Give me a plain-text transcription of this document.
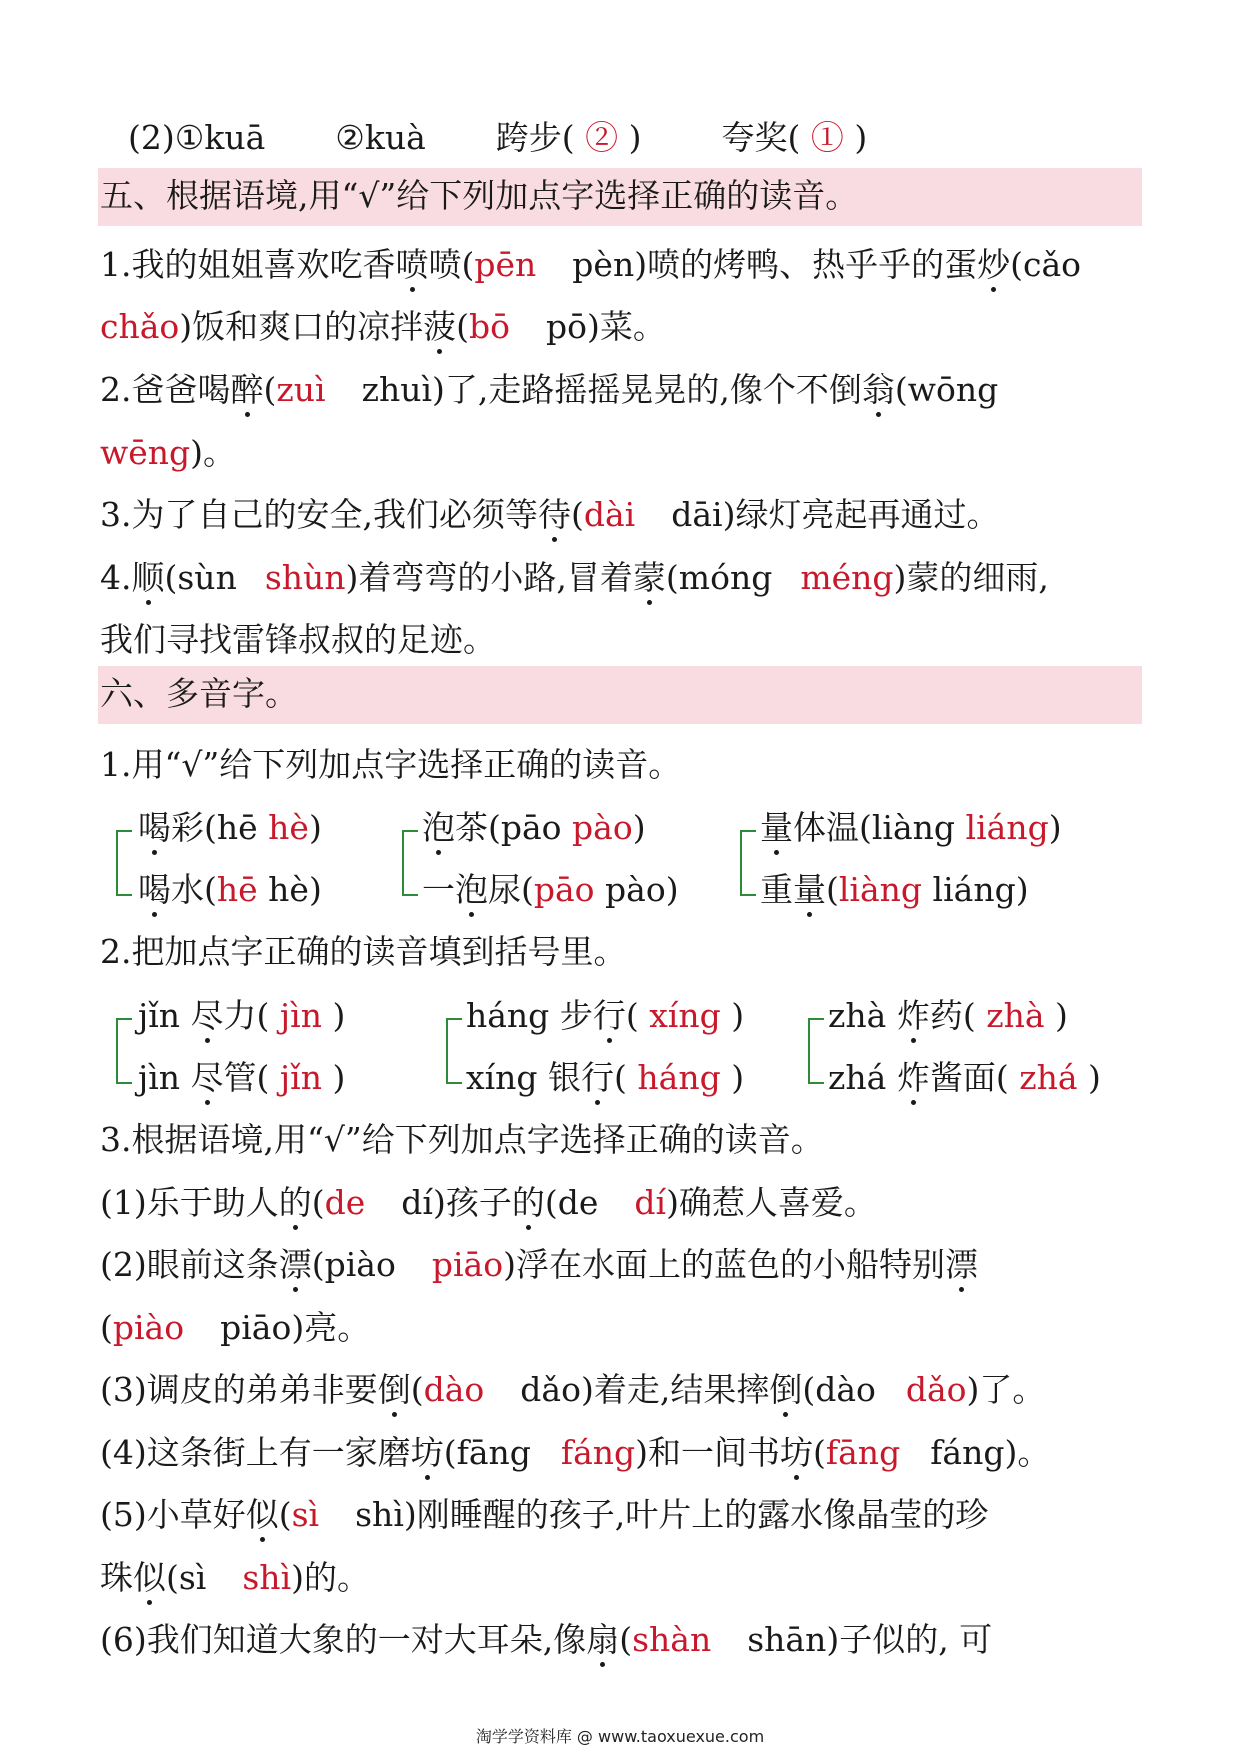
(2)①kuā ②kuà 跨步( ② ) 夸奖( ① )
五、根据语境,用“√”给下列加点字选择正确的读音。
1.我的姐姐喜欢吃香喷喷(pēn pèn)喷的烤鸭、热乎乎的蛋炒(cǎo
chǎo)饭和爽口的凉拌菠(bō pō)菜。
2.爸爸喝醉(zuì zhuì)了,走路摇摇晃晃的,像个不倒翁(wōng
wēng)。
3.为了自己的安全,我们必须等待(dài dāi)绿灯亮起再通过。
4.顺(sùn shùn)着弯弯的小路,冒着蒙(móng méng)蒙的细雨,
我们寻找雷锋叔叔的足迹。
六、多音字。
1.用“√”给下列加点字选择正确的读音。
喝彩(hē hè)
喝水(hē hè)
泡茶(pāo pào)
一泡尿(pāo pào)
量体温(liàng liáng)
重量(liàng liáng)
2.把加点字正确的读音填到括号里。
jǐn 尽力( jìn )
jìn 尽管( jǐn )
háng 步行( xíng )
xíng 银行( háng )
zhà 炸药( zhà )
zhá 炸酱面( zhá )
3.根据语境,用“√”给下列加点字选择正确的读音。
(1)乐于助人的(de dí)孩子的(de dí)确惹人喜爱。
(2)眼前这条漂(piào piāo)浮在水面上的蓝色的小船特别漂
(piào piāo)亮。
(3)调皮的弟弟非要倒(dào dǎo)着走,结果摔倒(dào dǎo)了。
(4)这条街上有一家磨坊(fāng fáng)和一间书坊(fāng fáng)。
(5)小草好似(sì shì)刚睡醒的孩子,叶片上的露水像晶莹的珍
珠似(sì shì)的。
(6)我们知道大象的一对大耳朵,像扇(shàn shān)子似的, 可
淘学学资料库 @ www.taoxuexue.com
